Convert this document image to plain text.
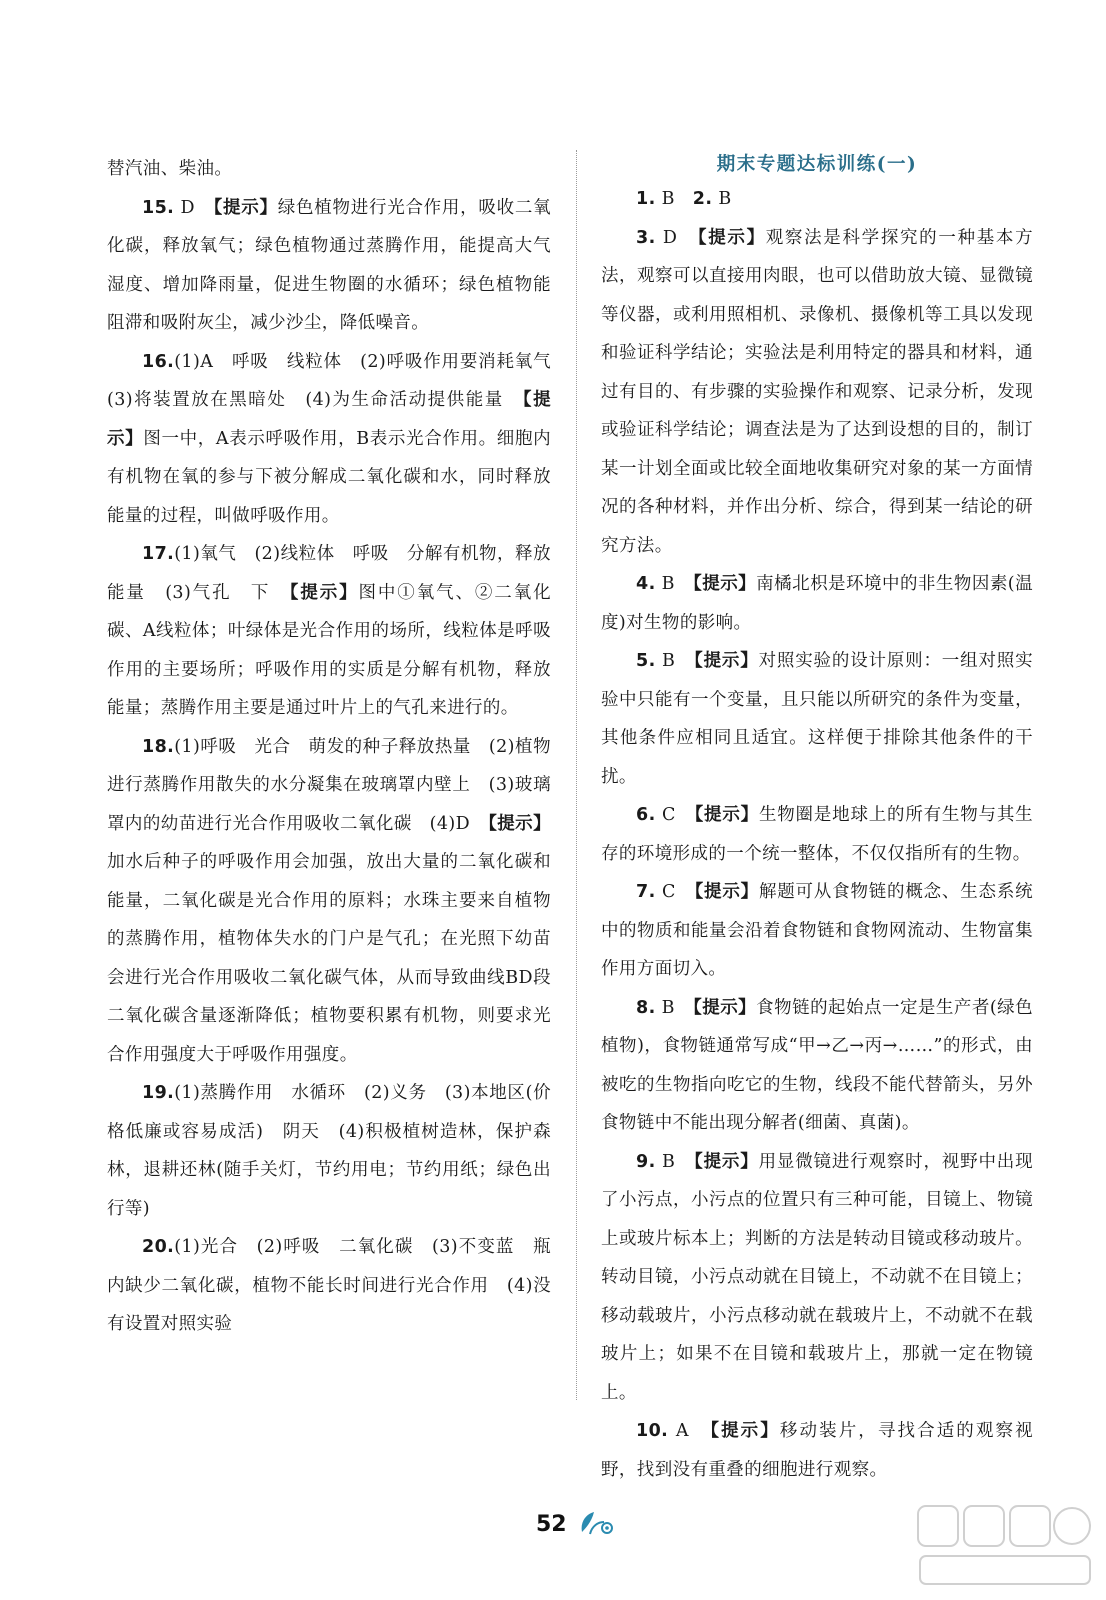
替汽油、柴油。

15. D　 【提示】绿色植物进行光合作用，吸收二氧化碳，释放氧气；绿色植物通过蒸腾作用，能提高大气湿度、增加降雨量，促进生物圈的水循环；绿色植物能阻滞和吸附灰尘，减少沙尘，降低噪音。

16.(1)A　呼吸　线粒体　(2)呼吸作用要消耗氧气　(3)将装置放在黑暗处　(4)为生命活动提供能量　 【提示】图一中，A表示呼吸作用，B表示光合作用。细胞内有机物在氧的参与下被分解成二氧化碳和水，同时释放能量的过程，叫做呼吸作用。

17.(1)氧气　(2)线粒体　呼吸　分解有机物，释放能量　(3)气孔　下　 【提示】图中①氧气、②二氧化碳、A线粒体；叶绿体是光合作用的场所，线粒体是呼吸作用的主要场所；呼吸作用的实质是分解有机物，释放能量；蒸腾作用主要是通过叶片上的气孔来进行的。

18.(1)呼吸　光合　萌发的种子释放热量　(2)植物进行蒸腾作用散失的水分凝集在玻璃罩内壁上　(3)玻璃罩内的幼苗进行光合作用吸收二氧化碳　(4)D　 【提示】加水后种子的呼吸作用会加强，放出大量的二氧化碳和能量，二氧化碳是光合作用的原料；水珠主要来自植物的蒸腾作用，植物体失水的门户是气孔；在光照下幼苗会进行光合作用吸收二氧化碳气体，从而导致曲线BD段二氧化碳含量逐渐降低；植物要积累有机物，则要求光合作用强度大于呼吸作用强度。

19.(1)蒸腾作用　水循环　(2)义务　(3)本地区(价格低廉或容易成活)　阴天　(4)积极植树造林，保护森林，退耕还林(随手关灯，节约用电；节约用纸；绿色出行等)

20.(1)光合　(2)呼吸　二氧化碳　(3)不变蓝　瓶内缺少二氧化碳，植物不能长时间进行光合作用　(4)没有设置对照实验

期末专题达标训练(一)

1. B　2. B

3. D　 【提示】观察法是科学探究的一种基本方法，观察可以直接用肉眼，也可以借助放大镜、显微镜等仪器，或利用照相机、录像机、摄像机等工具以发现和验证科学结论；实验法是利用特定的器具和材料，通过有目的、有步骤的实验操作和观察、记录分析，发现或验证科学结论；调查法是为了达到设想的目的，制订某一计划全面或比较全面地收集研究对象的某一方面情况的各种材料，并作出分析、综合，得到某一结论的研究方法。

4. B　 【提示】南橘北枳是环境中的非生物因素(温度)对生物的影响。

5. B　 【提示】对照实验的设计原则：一组对照实验中只能有一个变量，且只能以所研究的条件为变量，其他条件应相同且适宜。这样便于排除其他条件的干扰。

6. C　 【提示】生物圈是地球上的所有生物与其生存的环境形成的一个统一整体，不仅仅指所有的生物。

7. C　 【提示】解题可从食物链的概念、生态系统中的物质和能量会沿着食物链和食物网流动、生物富集作用方面切入。

8. B　 【提示】食物链的起始点一定是生产者(绿色植物)，食物链通常写成“甲→乙→丙→……”的形式，由被吃的生物指向吃它的生物，线段不能代替箭头，另外食物链中不能出现分解者(细菌、真菌)。

9. B　 【提示】用显微镜进行观察时，视野中出现了小污点，小污点的位置只有三种可能，目镜上、物镜上或玻片标本上；判断的方法是转动目镜或移动玻片。转动目镜，小污点动就在目镜上，不动就不在目镜上；移动载玻片，小污点移动就在载玻片上，不动就不在载玻片上；如果不在目镜和载玻片上，那就一定在物镜上。

10. A　 【提示】移动装片，寻找合适的观察视野，找到没有重叠的细胞进行观察。

52
